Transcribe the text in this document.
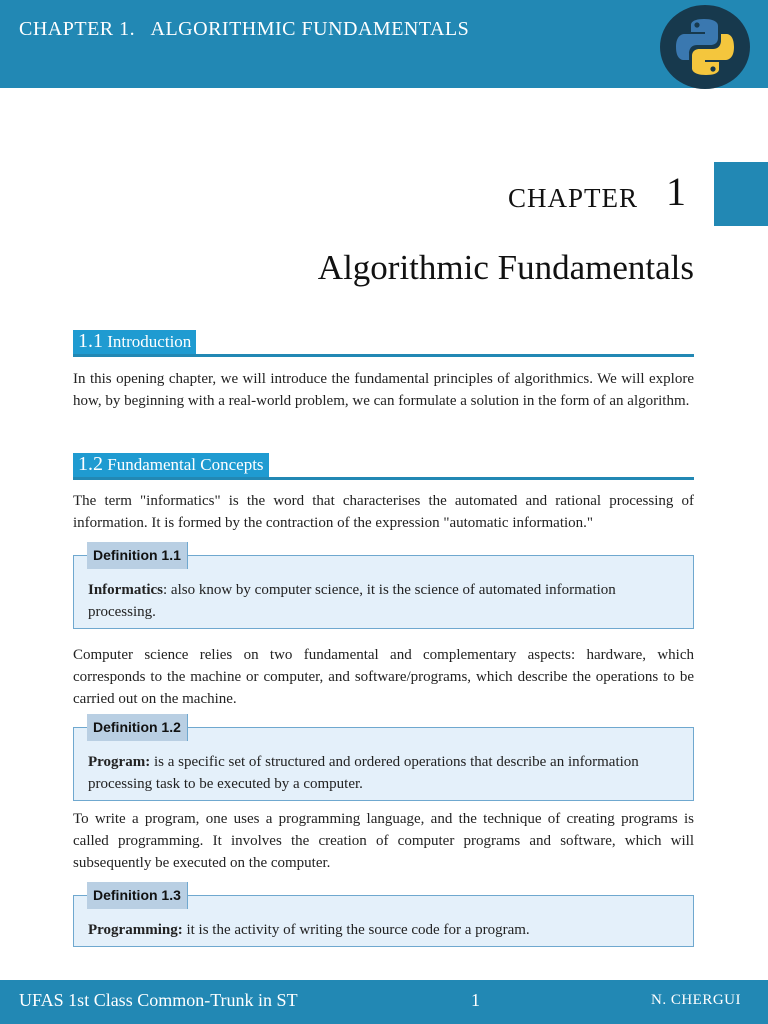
CHAPTER 1.   ALGORITHMIC FUNDAMENTALS
CHAPTER 1
Algorithmic Fundamentals
1.1 Introduction
In this opening chapter, we will introduce the fundamental principles of algorithmics. We will explore how, by beginning with a real-world problem, we can formulate a solution in the form of an algorithm.
1.2 Fundamental Concepts
The term "informatics" is the word that characterises the automated and rational processing of information. It is formed by the contraction of the expression "automatic information."
Informatics: also know by computer science, it is the science of automated information processing.
Definition 1.1
Computer science relies on two fundamental and complementary aspects: hardware, which corresponds to the machine or computer, and software/programs, which describe the operations to be carried out on the machine.
Program: is a specific set of structured and ordered operations that describe an information processing task to be executed by a computer.
Definition 1.2
To write a program, one uses a programming language, and the technique of creating programs is called programming. It involves the creation of computer programs and software, which will subsequently be executed on the computer.
Programming: it is the activity of writing the source code for a program.
Definition 1.3
UFAS 1st Class Common-Trunk in ST	1	N. CHERGUI
